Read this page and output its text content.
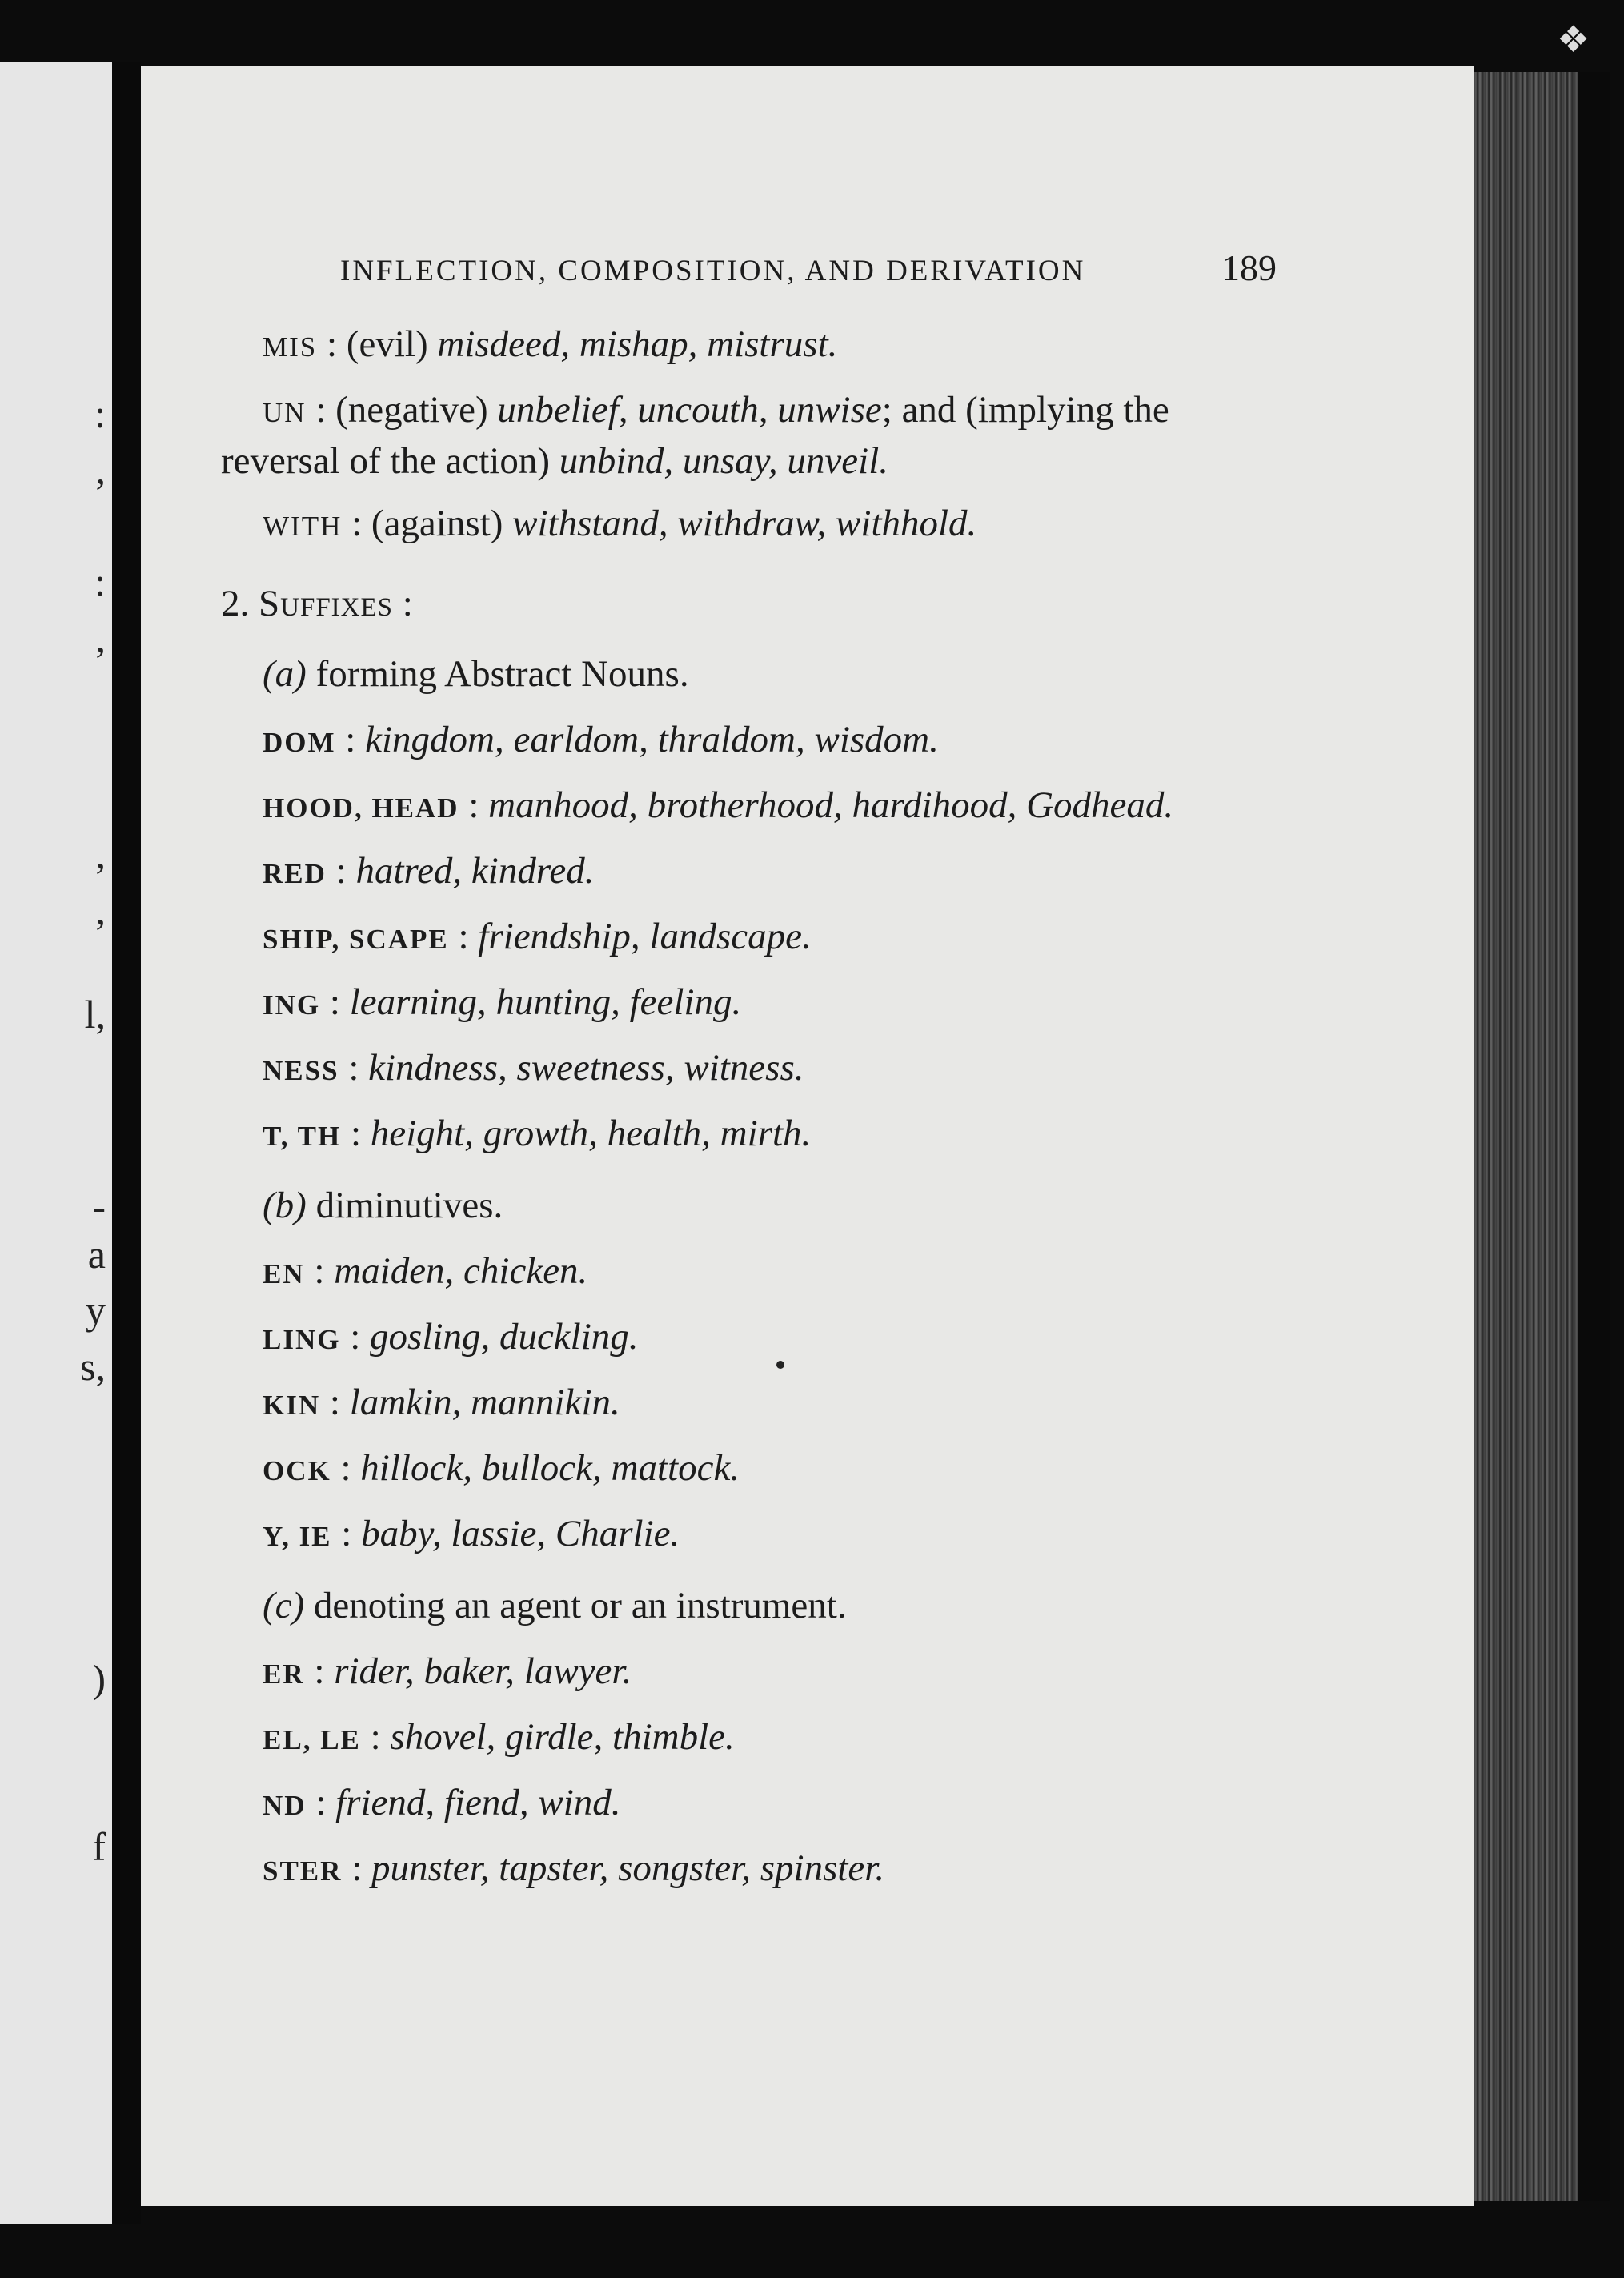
:
,
:
,
,
,
l,
-
a
y
s,
)
f
❖
INFLECTION, COMPOSITION, AND DERIVATION	189
MIS : (evil) misdeed, mishap, mistrust.
UN : (negative) unbelief, uncouth, unwise; and (implying the reversal of the action) unbind, unsay, unveil.
WITH : (against) withstand, withdraw, withhold.
2. Suffixes :
(a) forming Abstract Nouns.
DOM : kingdom, earldom, thraldom, wisdom.
HOOD, HEAD : manhood, brotherhood, hardihood, Godhead.
RED : hatred, kindred.
SHIP, SCAPE : friendship, landscape.
ING : learning, hunting, feeling.
NESS : kindness, sweetness, witness.
T, TH : height, growth, health, mirth.
(b) diminutives.
EN : maiden, chicken.
LING : gosling, duckling.
KIN : lamkin, mannikin.
OCK : hillock, bullock, mattock.
Y, IE : baby, lassie, Charlie.
(c) denoting an agent or an instrument.
ER : rider, baker, lawyer.
EL, LE : shovel, girdle, thimble.
ND : friend, fiend, wind.
STER : punster, tapster, songster, spinster.
